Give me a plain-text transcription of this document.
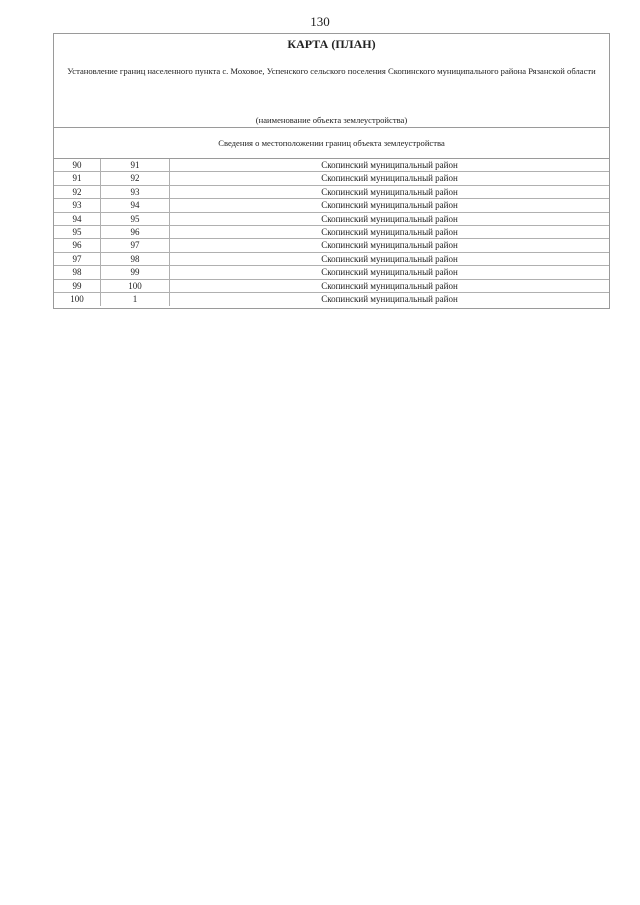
130
КАРТА (ПЛАН)
Установление границ населенного пункта с. Моховое, Успенского сельского поселения Скопинского муниципального района Рязанской области
(наименование объекта землеустройства)
Сведения о местоположении границ объекта землеустройства
90	91	Скопинский муниципальный район
91	92	Скопинский муниципальный район
92	93	Скопинский муниципальный район
93	94	Скопинский муниципальный район
94	95	Скопинский муниципальный район
95	96	Скопинский муниципальный район
96	97	Скопинский муниципальный район
97	98	Скопинский муниципальный район
98	99	Скопинский муниципальный район
99	100	Скопинский муниципальный район
100	1	Скопинский муниципальный район
